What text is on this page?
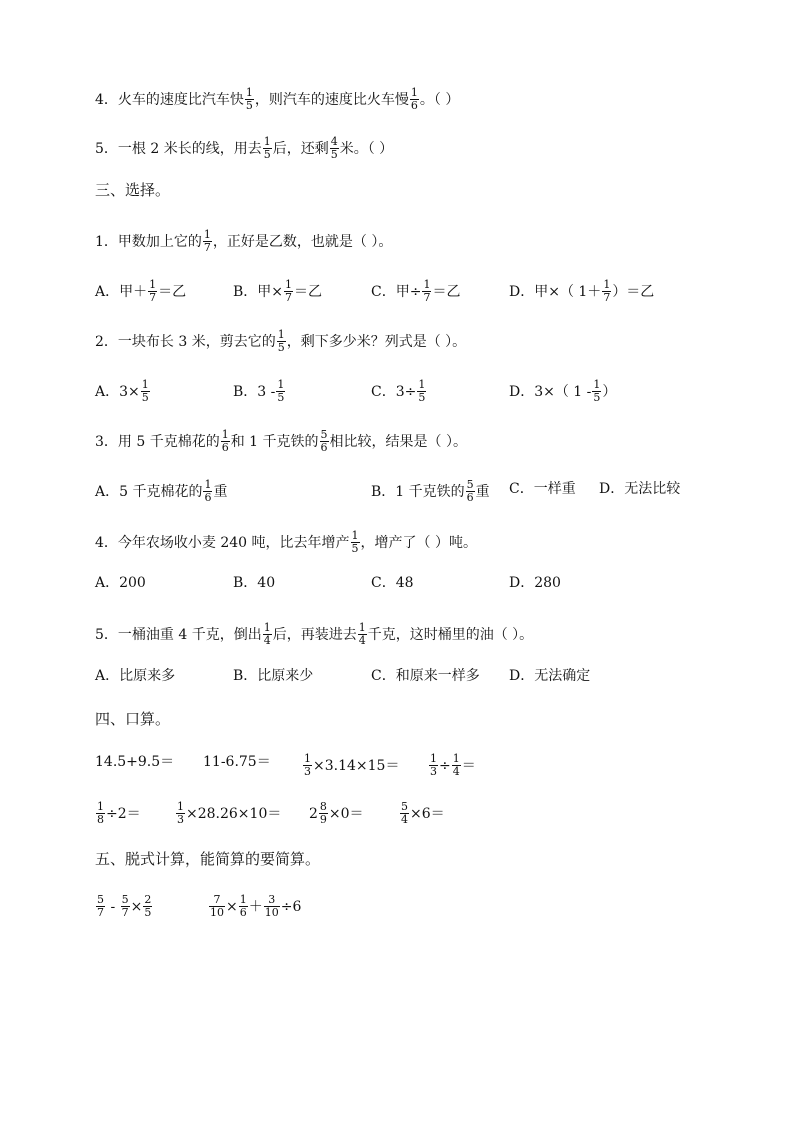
4．火车的速度比汽车快 $\frac{1}{5}$ ，则汽车的速度比火车慢 $\frac{1}{6}$ 。（ ）
5．一根 2 米长的线，用去 $\frac{1}{5}$ 后，还剩 $\frac{4}{5}$ 米。（ ）
三、选择。
1．甲数加上它的 $\frac{1}{7}$ ，正好是乙数，也就是（ ）。
A．甲＋ $\frac{1}{7}$ ＝乙	B．甲× $\frac{1}{7}$ ＝乙	C．甲÷ $\frac{1}{7}$ ＝乙	D．甲×（ $1+ \frac{1}{7}$ ）＝乙
2．一块布长 3 米，剪去它的 $\frac{1}{5}$ ，剩下多少米？列式是（ ）。
A．$3\times \frac{1}{5}$	B．$3 - \frac{1}{5}$	C．$3\div \frac{1}{5}$	D．3×（ $1 - \frac{1}{5}$ ）
3．用 5 千克棉花的 $\frac{1}{6}$ 和 1 千克铁的 $\frac{5}{6}$ 相比较，结果是（ ）。
A．5 千克棉花的 $\frac{1}{6}$ 重	B．1 千克铁的 $\frac{5}{6}$ 重 C．一样重 D．无法比较
4．今年农场收小麦 240 吨，比去年增产 $\frac{1}{5}$ ，增产了（ ）吨。
A．200	B．40	C．48	D．280
5．一桶油重 4 千克，倒出 $\frac{1}{4}$ 后，再装进去 $\frac{1}{4}$ 千克，这时桶里的油（ ）。
A．比原来多	B．比原来少	C．和原来一样多 D．无法确定
四、口算。
14.5+9.5＝ 11-6.75＝	$\frac{1}{3} \times 3.14\times 15=$	$\frac{1}{3} \div \frac{1}{4}$ ＝
$\frac{1}{8} \div 2=$	$\frac{1}{3} \times 28.26\times 10= 2 \frac{8}{9} \times 0=$	$\frac{5}{4} \times 6=$
五、脱式计算，能简算的要简算。
$\frac{5}{7} - \frac{5}{7} \times \frac{2}{5}$	$\frac{7}{10} \times \frac{1}{6} + \frac{3}{10} \div 6$
